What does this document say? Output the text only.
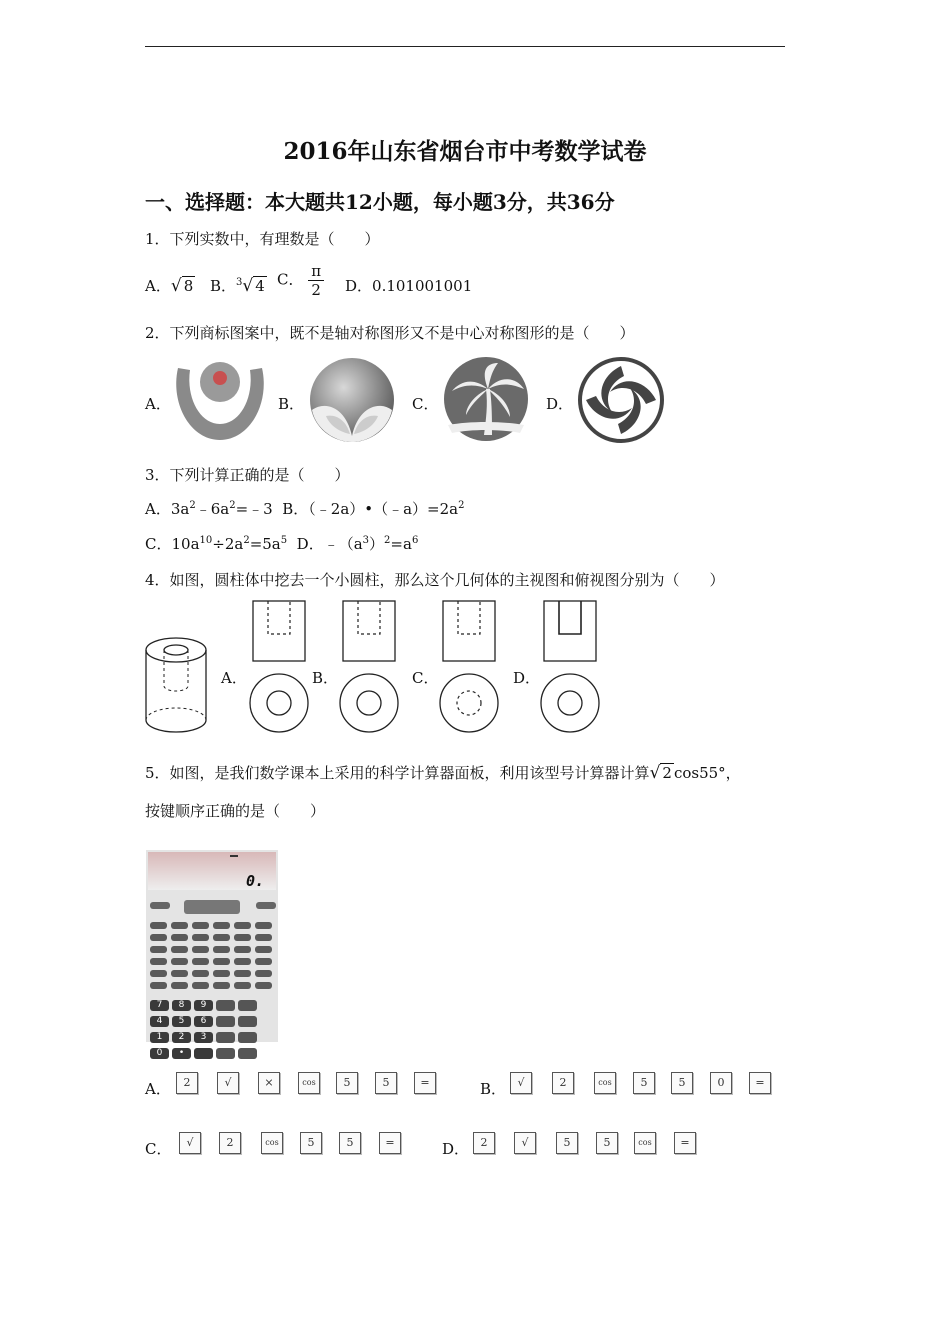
2016年山东省烟台市中考数学试卷
一、选择题：本大题共12小题，每小题3分，共36分
1．下列实数中，有理数是（　　）
A．√ 8 B．$^3$√ 4 C． $\frac{\pi}{2}$ D．0.101001001
2．下列商标图案中，既不是轴对称图形又不是中心对称图形的是（　　）
A．	B．	C．	D．
3．下列计算正确的是（　　）
A．$3a^2﹣6a^2=﹣3$ B．$(﹣2a)•(﹣a)=2a^2$
C．$10a^{10}\div 2a^2=5a^5$ D．$﹣(a^3)^2=a^6$
4．如图，圆柱体中挖去一个小圆柱，那么这个几何体的主视图和俯视图分别为（　　）
A．	B．	C．	D．
5．如图，是我们数学课本上采用的科学计算器面板，利用该型号计算器计算√ 2 cos55°，
按键顺序正确的是（　　）
0.
7	8	9
4	5	6
1	2	3
0	•
A．	2	√	×	cos	5	5	=	B．	√	2	cos	5	5	0	=
C．	√	2	cos	5	5	=	D．	2	√	5	5	cos	=
